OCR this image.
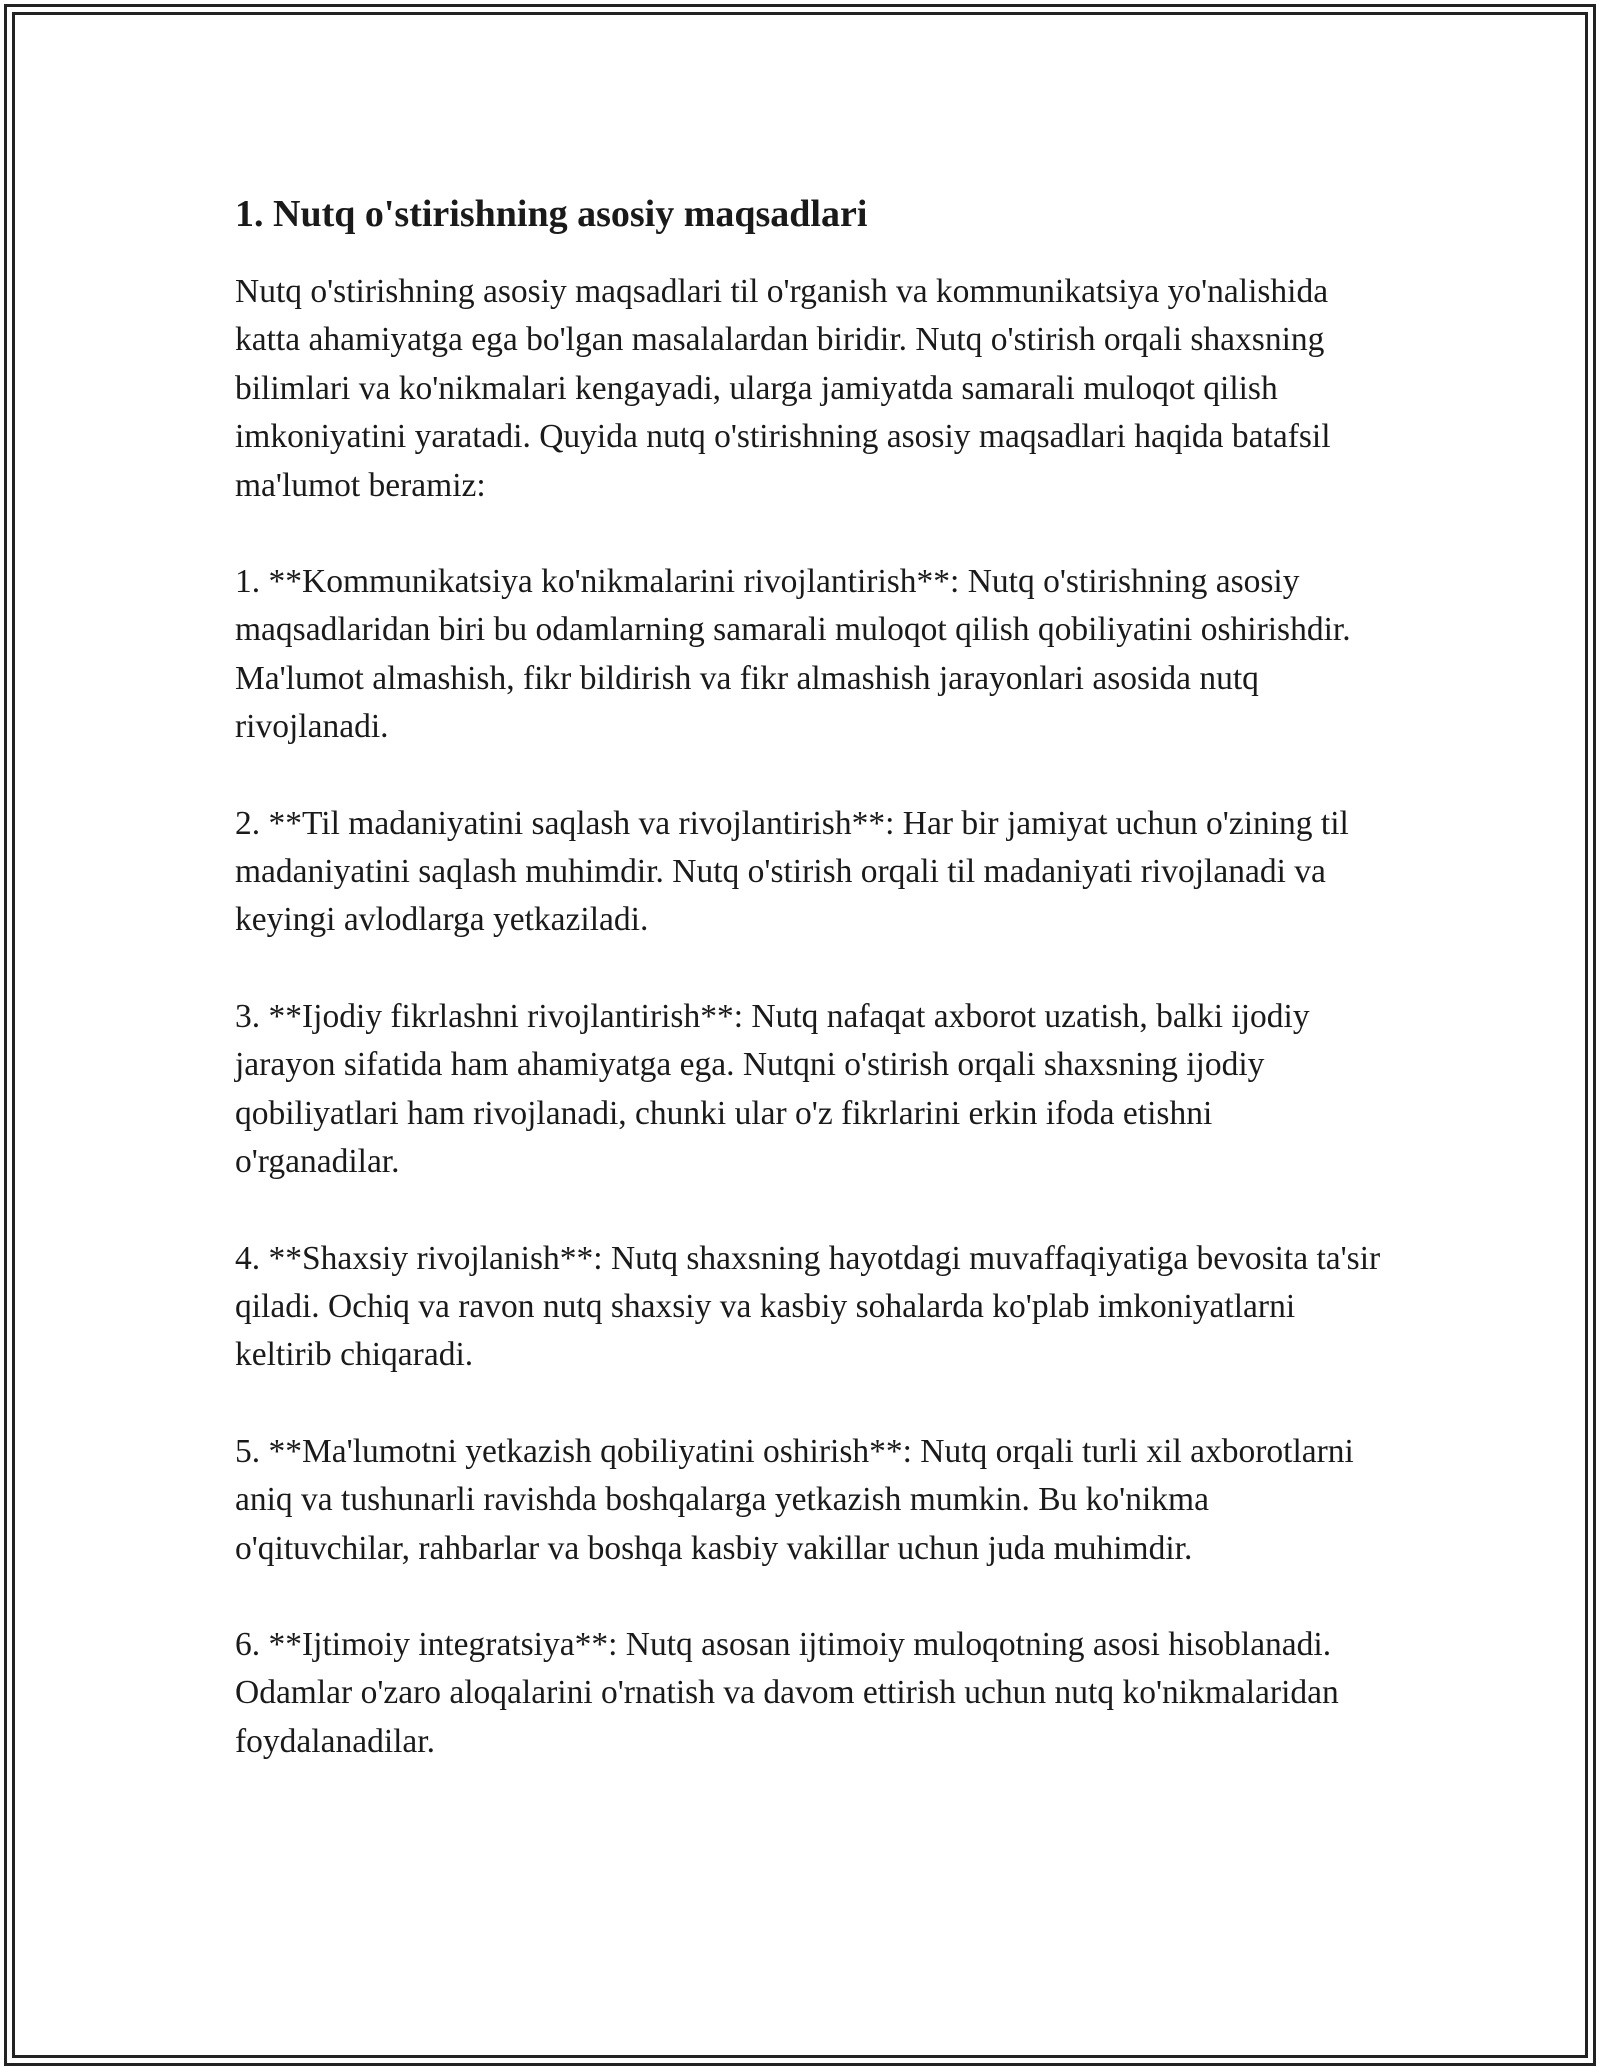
1. Nutq o'stirishning asosiy maqsadlari

Nutq o'stirishning asosiy maqsadlari til o'rganish va kommunikatsiya yo'nalishida katta ahamiyatga ega bo'lgan masalalardan biridir. Nutq o'stirish orqali shaxsning bilimlari va ko'nikmalari kengayadi, ularga jamiyatda samarali muloqot qilish imkoniyatini yaratadi. Quyida nutq o'stirishning asosiy maqsadlari haqida batafsil ma'lumot beramiz:

1. **Kommunikatsiya ko'nikmalarini rivojlantirish**: Nutq o'stirishning asosiy maqsadlaridan biri bu odamlarning samarali muloqot qilish qobiliyatini oshirishdir. Ma'lumot almashish, fikr bildirish va fikr almashish jarayonlari asosida nutq rivojlanadi.

2. **Til madaniyatini saqlash va rivojlantirish**: Har bir jamiyat uchun o'zining til madaniyatini saqlash muhimdir. Nutq o'stirish orqali til madaniyati rivojlanadi va keyingi avlodlarga yetkaziladi.

3. **Ijodiy fikrlashni rivojlantirish**: Nutq nafaqat axborot uzatish, balki ijodiy jarayon sifatida ham ahamiyatga ega. Nutqni o'stirish orqali shaxsning ijodiy qobiliyatlari ham rivojlanadi, chunki ular o'z fikrlarini erkin ifoda etishni o'rganadilar.

4. **Shaxsiy rivojlanish**: Nutq shaxsning hayotdagi muvaffaqiyatiga bevosita ta'sir qiladi. Ochiq va ravon nutq shaxsiy va kasbiy sohalarda ko'plab imkoniyatlarni keltirib chiqaradi.

5. **Ma'lumotni yetkazish qobiliyatini oshirish**: Nutq orqali turli xil axborotlarni aniq va tushunarli ravishda boshqalarga yetkazish mumkin. Bu ko'nikma o'qituvchilar, rahbarlar va boshqa kasbiy vakillar uchun juda muhimdir.

6. **Ijtimoiy integratsiya**: Nutq asosan ijtimoiy muloqotning asosi hisoblanadi. Odamlar o'zaro aloqalarini o'rnatish va davom ettirish uchun nutq ko'nikmalaridan foydalanadilar.
